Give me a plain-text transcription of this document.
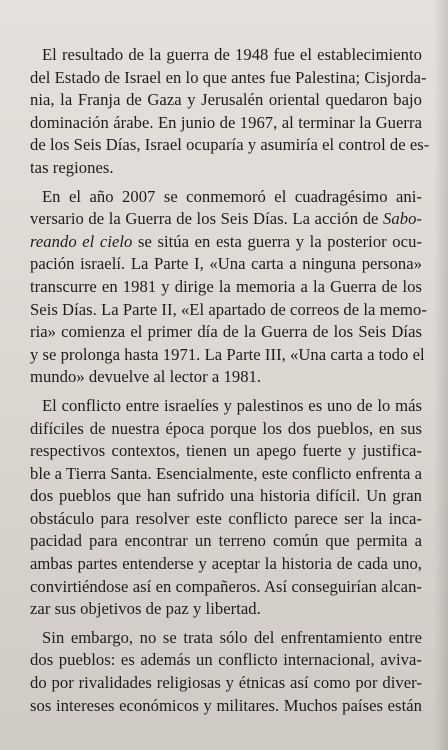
El resultado de la guerra de 1948 fue el establecimiento
del Estado de Israel en lo que antes fue Palestina; Cisjorda-
nia, la Franja de Gaza y Jerusalén oriental quedaron bajo
dominación árabe. En junio de 1967, al terminar la Guerra
de los Seis Días, Israel ocuparía y asumiría el control de es-
tas regiones.

En el año 2007 se conmemoró el cuadragésimo ani-
versario de la Guerra de los Seis Días. La acción de Sabo-
reando el cielo se sitúa en esta guerra y la posterior ocu-
pación israelí. La Parte I, «Una carta a ninguna persona»
transcurre en 1981 y dirige la memoria a la Guerra de los
Seis Días. La Parte II, «El apartado de correos de la memo-
ria» comienza el primer día de la Guerra de los Seis Días
y se prolonga hasta 1971. La Parte III, «Una carta a todo el
mundo» devuelve al lector a 1981.

El conflicto entre israelíes y palestinos es uno de lo más
difíciles de nuestra época porque los dos pueblos, en sus
respectivos contextos, tienen un apego fuerte y justifica-
ble a Tierra Santa. Esencialmente, este conflicto enfrenta a
dos pueblos que han sufrido una historia difícil. Un gran
obstáculo para resolver este conflicto parece ser la inca-
pacidad para encontrar un terreno común que permita a
ambas partes entenderse y aceptar la historia de cada uno,
convirtiéndose así en compañeros. Así conseguirían alcan-
zar sus objetivos de paz y libertad.

Sin embargo, no se trata sólo del enfrentamiento entre
dos pueblos: es además un conflicto internacional, aviva-
do por rivalidades religiosas y étnicas así como por diver-
sos intereses económicos y militares. Muchos países están
